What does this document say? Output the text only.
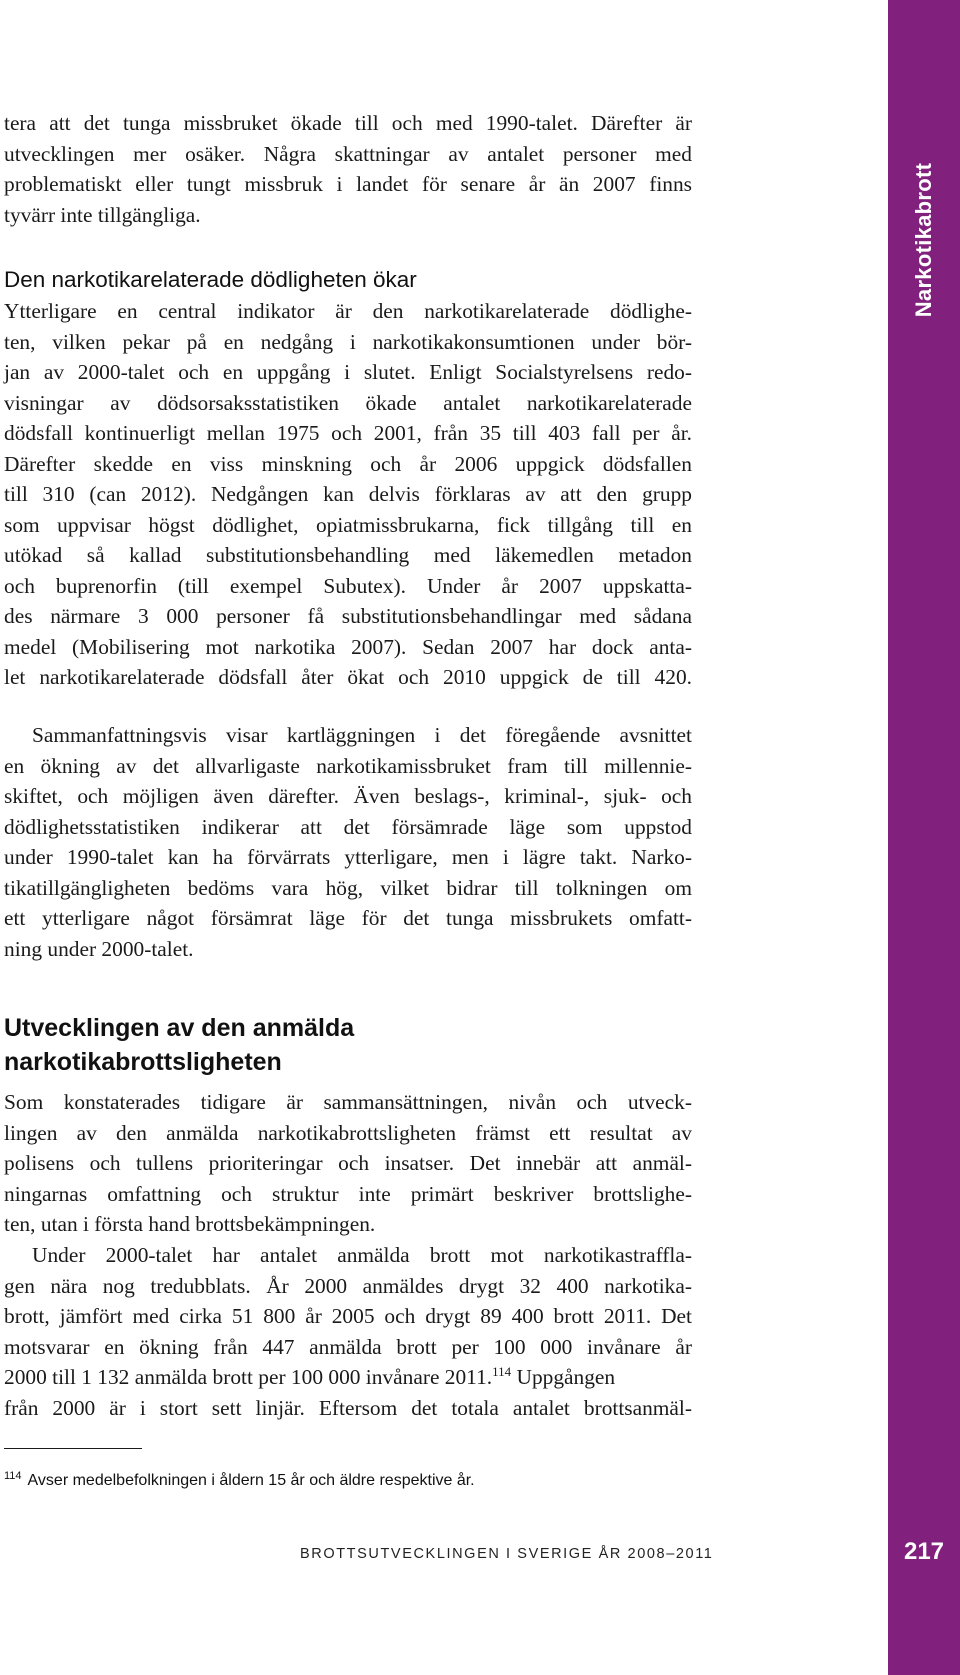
Narkotikabrott
217
tera att det tunga missbruket ökade till och med 1990-talet. Därefter är
utvecklingen mer osäker. Några skattningar av antalet personer med
problematiskt eller tungt missbruk i landet för senare år än 2007 finns
tyvärr inte tillgängliga.
Den narkotikarelaterade dödligheten ökar
Ytterligare en central indikator är den narkotikarelaterade dödlighe-
ten, vilken pekar på en nedgång i narkotikakonsumtionen under bör-
jan av 2000-talet och en uppgång i slutet. Enligt Socialstyrelsens redo-
visningar av dödsorsaksstatistiken ökade antalet narkotikarelaterade
dödsfall kontinuerligt mellan 1975 och 2001, från 35 till 403 fall per år.
Därefter skedde en viss minskning och år 2006 uppgick dödsfallen
till 310 (can 2012). Nedgången kan delvis förklaras av att den grupp
som uppvisar högst dödlighet, opiatmissbrukarna, fick tillgång till en
utökad så kallad substitutionsbehandling med läkemedlen metadon
och buprenorfin (till exempel Subutex). Under år 2007 uppskatta-
des närmare 3 000 personer få substitutionsbehandlingar med sådana
medel (Mobilisering mot narkotika 2007). Sedan 2007 har dock anta-
let narkotikarelaterade dödsfall åter ökat och 2010 uppgick de till 420.
Sammanfattningsvis visar kartläggningen i det föregående avsnittet
en ökning av det allvarligaste narkotikamissbruket fram till millennie-
skiftet, och möjligen även därefter. Även beslags-, kriminal-, sjuk- och
dödlighetsstatistiken indikerar att det försämrade läge som uppstod
under 1990-talet kan ha förvärrats ytterligare, men i lägre takt. Narko-
tikatillgängligheten bedöms vara hög, vilket bidrar till tolkningen om
ett ytterligare något försämrat läge för det tunga missbrukets omfatt-
ning under 2000-talet.
Utvecklingen av den anmälda
narkotikabrottsligheten
Som konstaterades tidigare är sammansättningen, nivån och utveck-
lingen av den anmälda narkotikabrottsligheten främst ett resultat av
polisens och tullens prioriteringar och insatser. Det innebär att anmäl-
ningarnas omfattning och struktur inte primärt beskriver brottslighe-
ten, utan i första hand brottsbekämpningen.
Under 2000-talet har antalet anmälda brott mot narkotikastraffla-
gen nära nog tredubblats. År 2000 anmäldes drygt 32 400 narkotika-
brott, jämfört med cirka 51 800 år 2005 och drygt 89 400 brott 2011. Det
motsvarar en ökning från 447 anmälda brott per 100 000 invånare år
2000 till 1 132 anmälda brott per 100 000 invånare 2011.$^{114}$ Uppgången
från 2000 är i stort sett linjär. Eftersom det totala antalet brottsanmäl-
$^{114}$ Avser medelbefolkningen i åldern 15 år och äldre respektive år.
BROTTSUTVECKLINGEN I SVERIGE ÅR 2008–2011
